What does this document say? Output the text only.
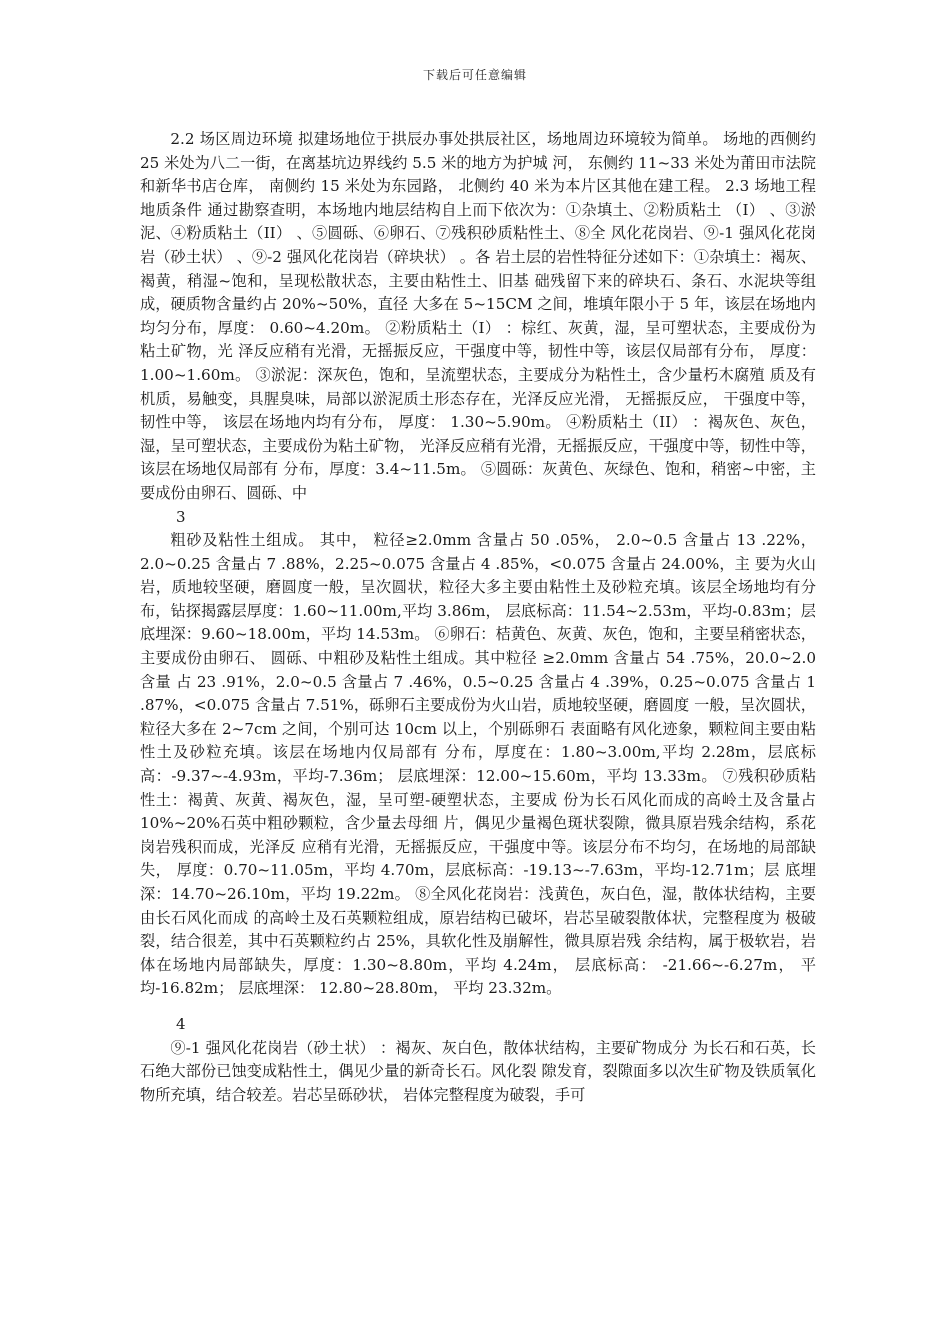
下载后可任意编辑

2.2 场区周边环境 拟建场地位于拱辰办事处拱辰社区，场地周边环境较为简单。 场地的西侧约 25 米处为八二一街，在离基坑边界线约 5.5 米的地方为护城 河， 东侧约 11~33 米处为莆田市法院和新华书店仓库， 南侧约 15 米处为东园路， 北侧约 40 米为本片区其他在建工程。 2.3 场地工程地质条件 通过勘察查明，本场地内地层结构自上而下依次为：①杂填土、②粉质粘土 （I） 、③淤泥、④粉质粘土（II） 、⑤圆砾、⑥卵石、⑦残积砂质粘性土、⑧全 风化花岗岩、⑨-1 强风化花岗岩（砂土状） 、⑨-2 强风化花岗岩（碎块状） 。各 岩土层的岩性特征分述如下：①杂填土：褐灰、褐黄，稍湿~饱和，呈现松散状态，主要由粘性土、旧基 础残留下来的碎块石、条石、水泥块等组成，硬质物含量约占 20%~50%，直径 大多在 5~15CM 之间，堆填年限小于 5 年，该层在场地内均匀分布，厚度： 0.60~4.20m。 ②粉质粘土（I） ：棕红、灰黄，湿，呈可塑状态，主要成份为粘土矿物，光 泽反应稍有光滑，无摇振反应，干强度中等，韧性中等，该层仅局部有分布， 厚度：1.00~1.60m。 ③淤泥：深灰色，饱和，呈流塑状态，主要成分为粘性土，含少量朽木腐殖 质及有机质，易触变，具腥臭味，局部以淤泥质土形态存在，光泽反应光滑， 无摇振反应， 干强度中等， 韧性中等， 该层在场地内均有分布， 厚度： 1.30~5.90m。 ④粉质粘土（II） ：褐灰色、灰色，湿，呈可塑状态，主要成份为粘土矿物， 光泽反应稍有光滑，无摇振反应，干强度中等，韧性中等，该层在场地仅局部有 分布，厚度：3.4~11.5m。 ⑤圆砾：灰黄色、灰绿色、饱和，稍密~中密，主要成份由卵石、圆砾、中

3

粗砂及粘性土组成。 其中， 粒径≥2.0mm 含量占 50 .05%， 2.0~0.5 含量占 13 .22%， 2.0~0.25 含量占 7 .88%，2.25~0.075 含量占 4 .85%，<0.075 含量占 24.00%，主 要为火山岩，质地较坚硬，磨圆度一般，呈次圆状，粒径大多主要由粘性土及砂粒充填。该层全场地均有分布，钻探揭露层厚度：1.60~11.00m,平均 3.86m， 层底标高：11.54~2.53m，平均-0.83m；层底埋深：9.60~18.00m，平均 14.53m。 ⑥卵石：桔黄色、灰黄、灰色，饱和，主要呈稍密状态，主要成份由卵石、 圆砾、中粗砂及粘性土组成。其中粒径 ≥2.0mm 含量占 54 .75%，20.0~2.0 含量 占 23 .91%，2.0~0.5 含量占 7 .46%，0.5~0.25 含量占 4 .39%，0.25~0.075 含量占 1 .87%，<0.075 含量占 7.51%，砾卵石主要成份为火山岩，质地较坚硬，磨圆度 一般，呈次圆状，粒径大多在 2~7cm 之间，个别可达 10cm 以上，个别砾卵石 表面略有风化迹象，颗粒间主要由粘性土及砂粒充填。该层在场地内仅局部有 分布，厚度在：1.80~3.00m,平均 2.28m，层底标高：-9.37~-4.93m，平均-7.36m； 层底埋深：12.00~15.60m，平均 13.33m。 ⑦残积砂质粘性土：褐黄、灰黄、褐灰色，湿，呈可塑-硬塑状态，主要成 份为长石风化而成的高岭土及含量占 10%~20%石英中粗砂颗粒，含少量去母细 片，偶见少量褐色斑状裂隙，微具原岩残余结构，系花岗岩残积而成，光泽反 应稍有光滑，无摇振反应，干强度中等。该层分布不均匀，在场地的局部缺失， 厚度：0.70~11.05m，平均 4.70m，层底标高：-19.13~-7.63m，平均-12.71m；层 底埋深：14.70~26.10m，平均 19.22m。 ⑧全风化花岗岩：浅黄色，灰白色，湿，散体状结构，主要由长石风化而成 的高岭土及石英颗粒组成，原岩结构已破坏，岩芯呈破裂散体状，完整程度为 极破裂，结合很差，其中石英颗粒约占 25%，具软化性及崩解性，微具原岩残 余结构，属于极软岩，岩体在场地内局部缺失，厚度：1.30~8.80m，平均 4.24m， 层底标高： -21.66~-6.27m， 平均-16.82m； 层底埋深： 12.80~28.80m， 平均 23.32m。

4

⑨-1 强风化花岗岩（砂土状） ：褐灰、灰白色，散体状结构，主要矿物成分 为长石和石英，长石绝大部份已蚀变成粘性土，偶见少量的新奇长石。风化裂 隙发育，裂隙面多以次生矿物及铁质氧化物所充填，结合较差。岩芯呈砾砂状， 岩体完整程度为破裂，手可
